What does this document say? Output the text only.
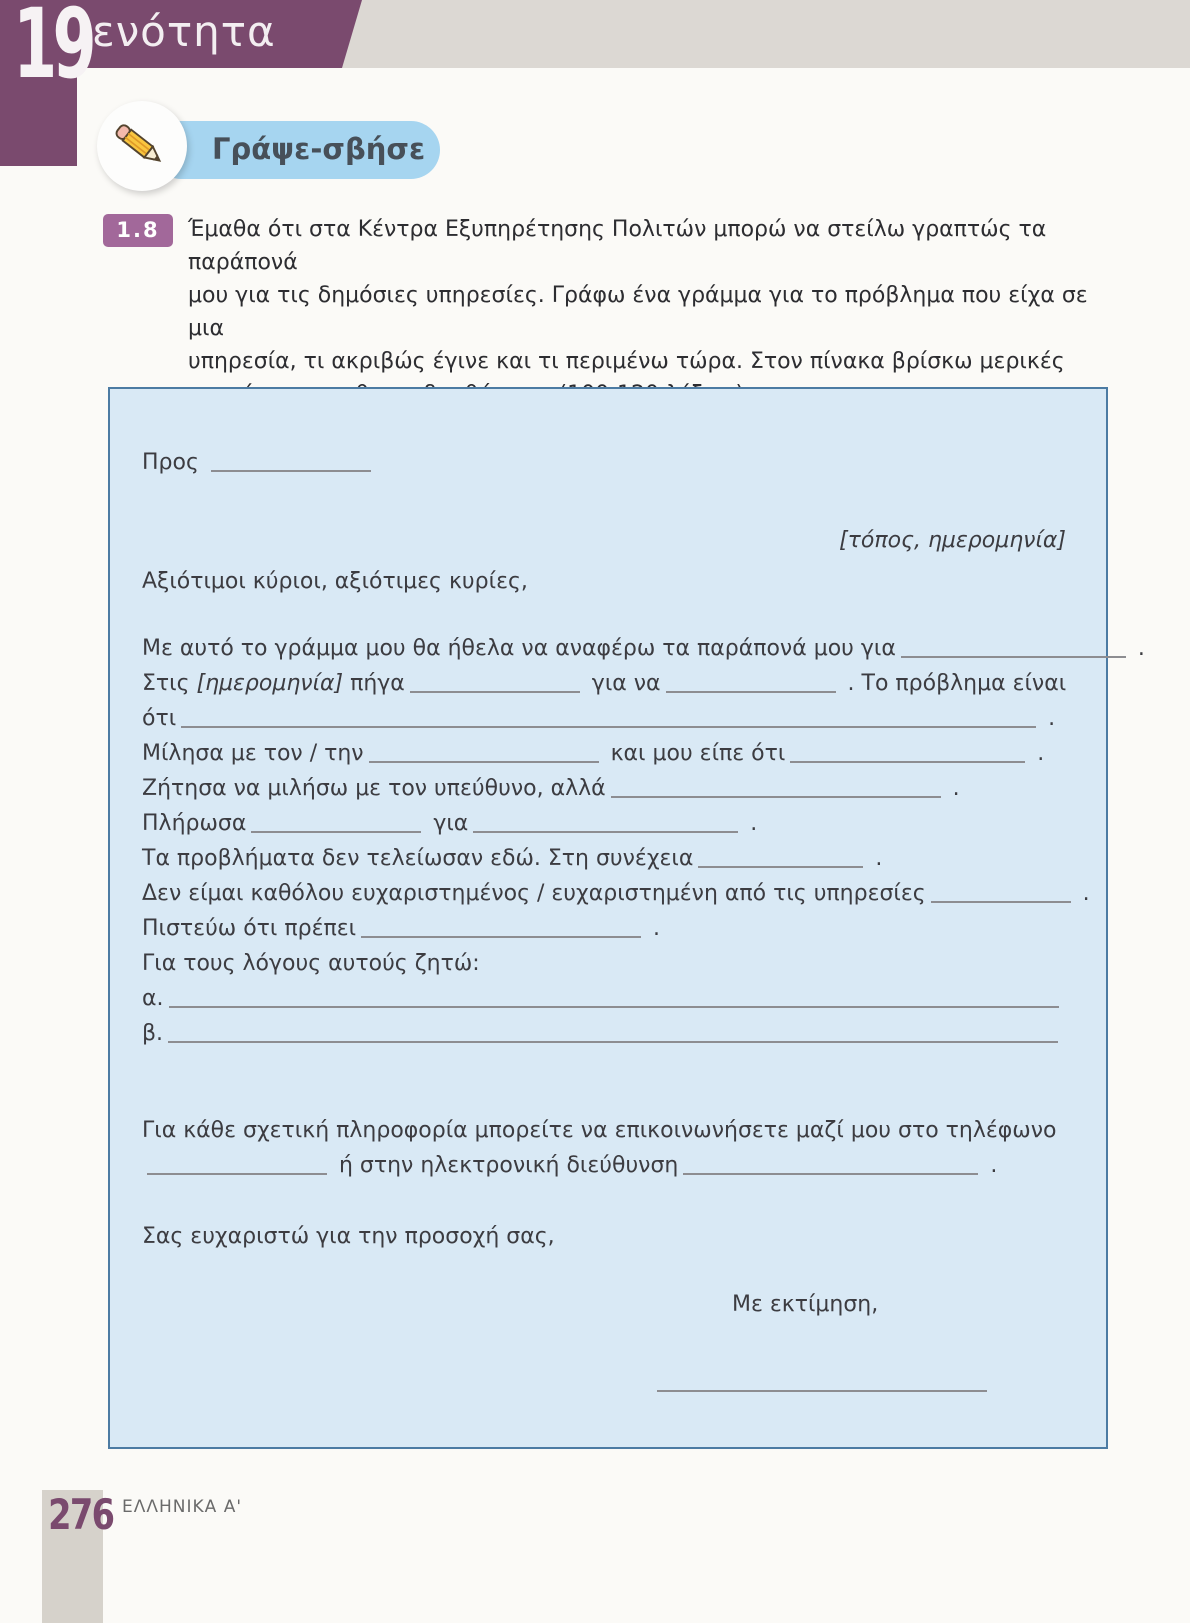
19 ενότητα
Γράψε-σβήσε
1.8	Έμαθα ότι στα Κέντρα Εξυπηρέτησης Πολιτών μπορώ να στείλω γραπτώς τα παράπονά
μου για τις δημόσιες υπηρεσίες. Γράφω ένα γράμμα για το πρόβλημα που είχα σε μια
υπηρεσία, τι ακριβώς έγινε και τι περιμένω τώρα. Στον πίνακα βρίσκω μερικές
Προς
[τόπος, ημερομηνία]
Αξιότιμοι κύριοι, αξιότιμες κυρίες,
Με αυτό το γράμμα μου θα ήθελα να αναφέρω τα παράπονά μου για	.
Στις [ημερομηνία] πήγα	για να	. Το πρόβλημα είναι
ότι	.
Μίλησα με τον / την	και μου είπε ότι	.
Ζήτησα να μιλήσω με τον υπεύθυνο, αλλά	.
Πλήρωσα	για	.
Τα προβλήματα δεν τελείωσαν εδώ. Στη συνέχεια	.
Δεν είμαι καθόλου ευχαριστημένος / ευχαριστημένη από τις υπηρεσίες	.
Πιστεύω ότι πρέπει	.
Για τους λόγους αυτούς ζητώ:
α.
β.
Για κάθε σχετική πληροφορία μπορείτε να επικοινωνήσετε μαζί μου στο τηλέφωνο
ή στην ηλεκτρονική διεύθυνση	.
Σας ευχαριστώ για την προσοχή σας,
Με εκτίμηση,
276 ΕΛΛΗΝΙΚΑ Α'
